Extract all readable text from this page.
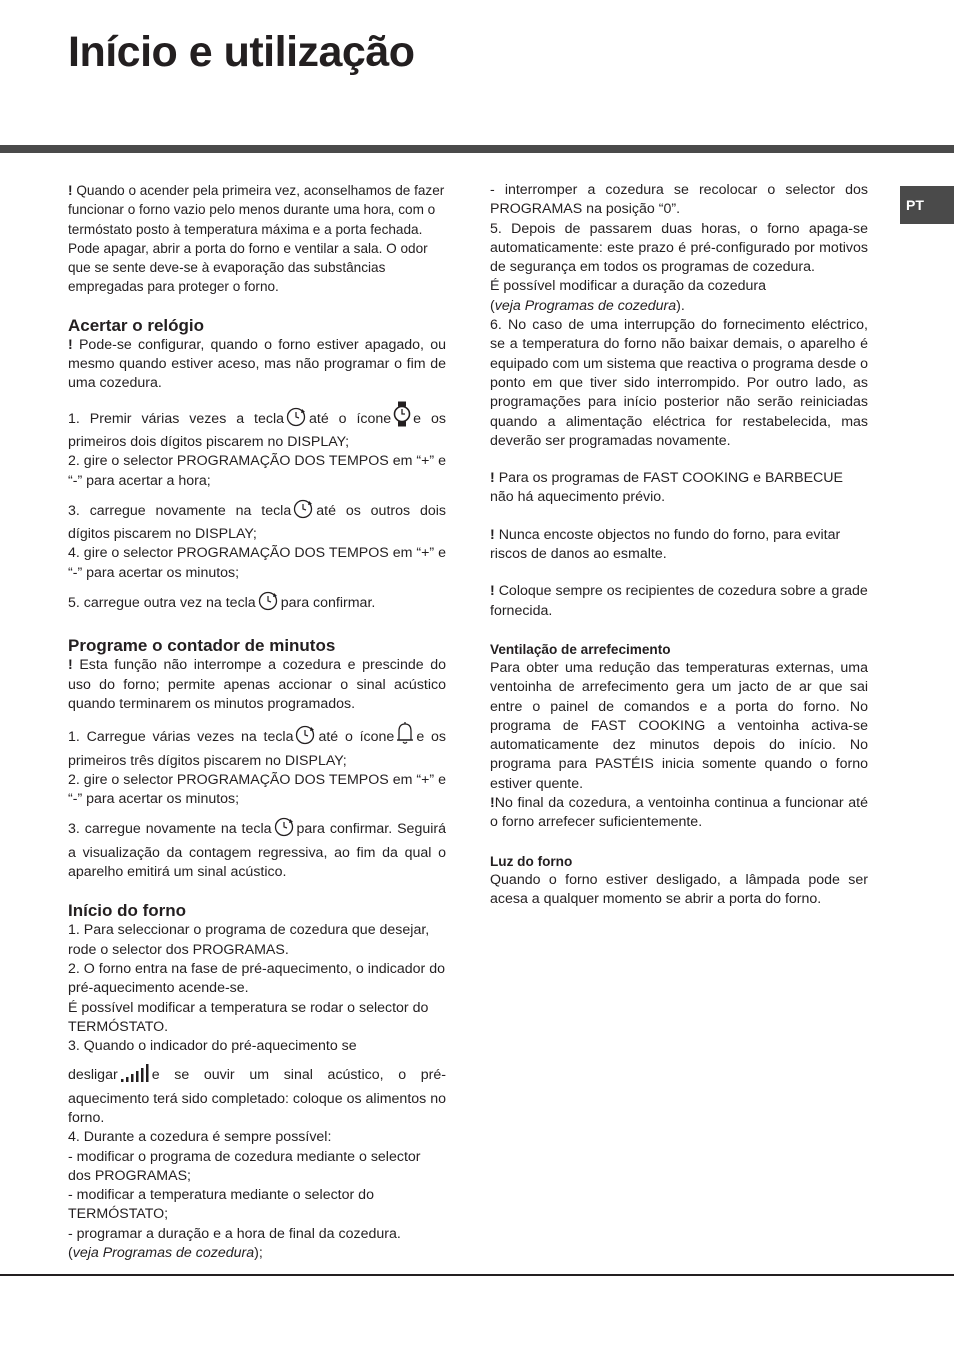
Início e utilização
PT

! Quando o acender pela primeira vez, aconselhamos de fazer funcionar o forno vazio pelo menos durante uma hora, com o termóstato posto à temperatura máxima e a porta fechada. Pode apagar, abrir a porta do forno e ventilar a sala. O odor que se sente deve-se à evaporação das substâncias empregadas para proteger o forno.

Acertar o relógio

! Pode-se configurar, quando o forno estiver apagado, ou mesmo quando estiver aceso, mas não programar o fim de uma cozedura.

1. Premir várias vezes a tecla até o ícone e os primeiros dois dígitos piscarem no DISPLAY;

2. gire o selector PROGRAMAÇÃO DOS TEMPOS em “+” e “-” para acertar a hora;

3. carregue novamente na tecla até os outros dois dígitos piscarem no DISPLAY;

4. gire o selector PROGRAMAÇÃO DOS TEMPOS em “+” e “-” para acertar os minutos;

5. carregue outra vez na tecla para confirmar.

Programe o contador de minutos

! Esta função não interrompe a cozedura e prescinde do uso do forno; permite apenas accionar o sinal acústico quando terminarem os minutos programados.

1. Carregue várias vezes na tecla até o ícone e os primeiros três dígitos piscarem no DISPLAY;

2. gire o selector PROGRAMAÇÃO DOS TEMPOS em “+” e “-” para acertar os minutos;

3. carregue novamente na tecla para confirmar. Seguirá a visualização da contagem regressiva, ao fim da qual o aparelho emitirá um sinal acústico.

Início do forno

1. Para seleccionar o programa de cozedura que desejar, rode o selector dos PROGRAMAS.

2. O forno entra na fase de pré-aquecimento, o indicador do pré-aquecimento acende-se.

É possível modificar a temperatura se rodar o selector do TERMÓSTATO.

3. Quando o indicador do pré-aquecimento se

desligar e se ouvir um sinal acústico, o pré-aquecimento terá sido completado: coloque os alimentos no forno.

4. Durante a cozedura é sempre possível:

- modificar o programa de cozedura mediante o selector dos PROGRAMAS;

- modificar a temperatura mediante o selector do TERMÓSTATO;

- programar a duração e a hora de final da cozedura.

(veja Programas de cozedura);

- interromper a cozedura se recolocar o selector dos PROGRAMAS na posição “0”.

5. Depois de passarem duas horas, o forno apaga-se automaticamente: este prazo é pré-configurado por motivos de segurança em todos os programas de cozedura.

É possível modificar a duração da cozedura

(veja Programas de cozedura).

6. No caso de uma interrupção do fornecimento eléctrico, se a temperatura do forno não baixar demais, o aparelho é equipado com um sistema que reactiva o programa desde o ponto em que tiver sido interrompido. Por outro lado, as programações para início posterior não serão reiniciadas quando a alimentação eléctrica for restabelecida, mas deverão ser programadas novamente.

! Para os programas de FAST COOKING e BARBECUE não há aquecimento prévio.

! Nunca encoste objectos no fundo do forno, para evitar riscos de danos ao esmalte.

! Coloque sempre os recipientes de cozedura sobre a grade fornecida.

Ventilação de arrefecimento

Para obter uma redução das temperaturas externas, uma ventoinha de arrefecimento gera um jacto de ar que sai entre o painel de comandos e a porta do forno. No programa de FAST COOKING a ventoinha activa-se automaticamente dez minutos depois do início. No programa para PASTÉIS inicia somente quando o forno estiver quente.

!No final da cozedura, a ventoinha continua a funcionar até o forno arrefecer suficientemente.

Luz do forno

Quando o forno estiver desligado, a lâmpada pode ser acesa a qualquer momento se abrir a porta do forno.
